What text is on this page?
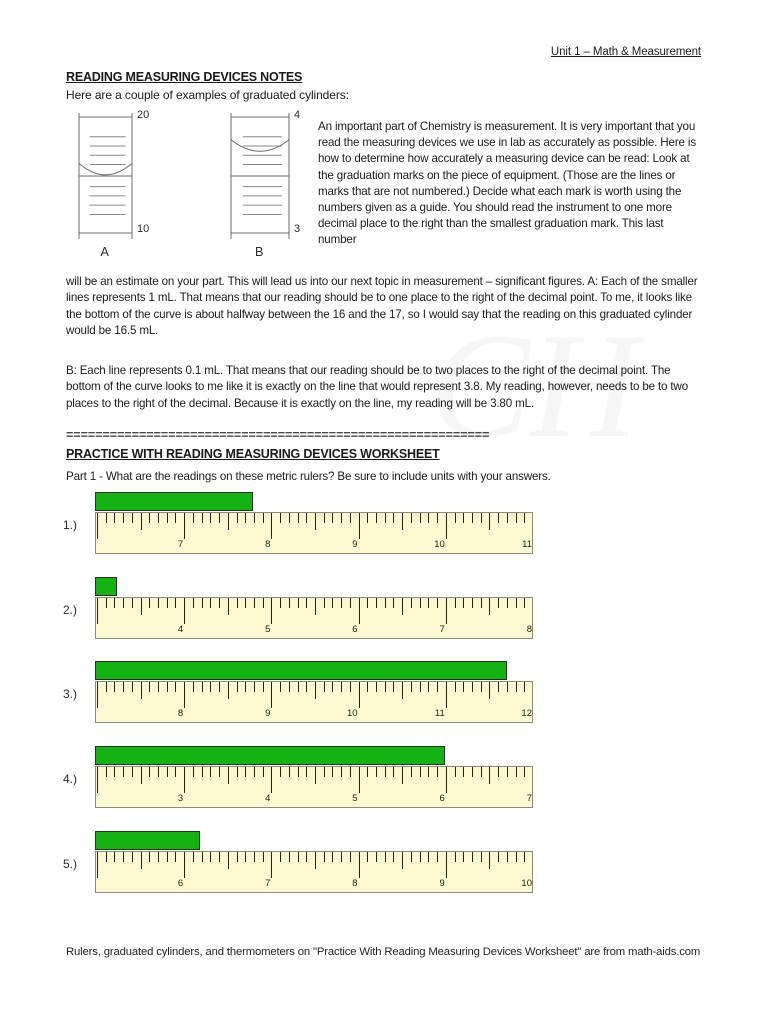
Unit 1 – Math & Measurement
READING MEASURING DEVICES NOTES
Here are a couple of examples of graduated cylinders:
20
10
A
4
3
B
An important part of Chemistry is measurement. It is very important that you read the measuring devices we use in lab as accurately as possible. Here is how to determine how accurately a measuring device can be read: Look at the graduation marks on the piece of equipment. (Those are the lines or marks that are not numbered.) Decide what each mark is worth using the numbers given as a guide. You should read the instrument to one more decimal place to the right than the smallest graduation mark. This last number
will be an estimate on your part. This will lead us into our next topic in measurement – significant figures. A: Each of the smaller lines represents 1 mL. That means that our reading should be to one place to the right of the decimal point. To me, it looks like the bottom of the curve is about halfway between the 16 and the 17, so I would say that the reading on this graduated cylinder would be 16.5 mL.
B: Each line represents 0.1 mL. That means that our reading should be to two places to the right of the decimal point. The bottom of the curve looks to me like it is exactly on the line that would represent 3.8. My reading, however, needs to be to two places to the right of the decimal. Because it is exactly on the line, my reading will be 3.80 mL.
==========================================================
PRACTICE WITH READING MEASURING DEVICES WORKSHEET
Part 1 - What are the readings on these metric rulers? Be sure to include units with your answers.
1.)
7	8	9	10	11
2.)
4	5	6	7	8
3.)
8	9	10	11	12
4.)
3	4	5	6	7
5.)
6	7	8	9	10
Rulers, graduated cylinders, and thermometers on "Practice With Reading Measuring Devices Worksheet" are from math-aids.com
